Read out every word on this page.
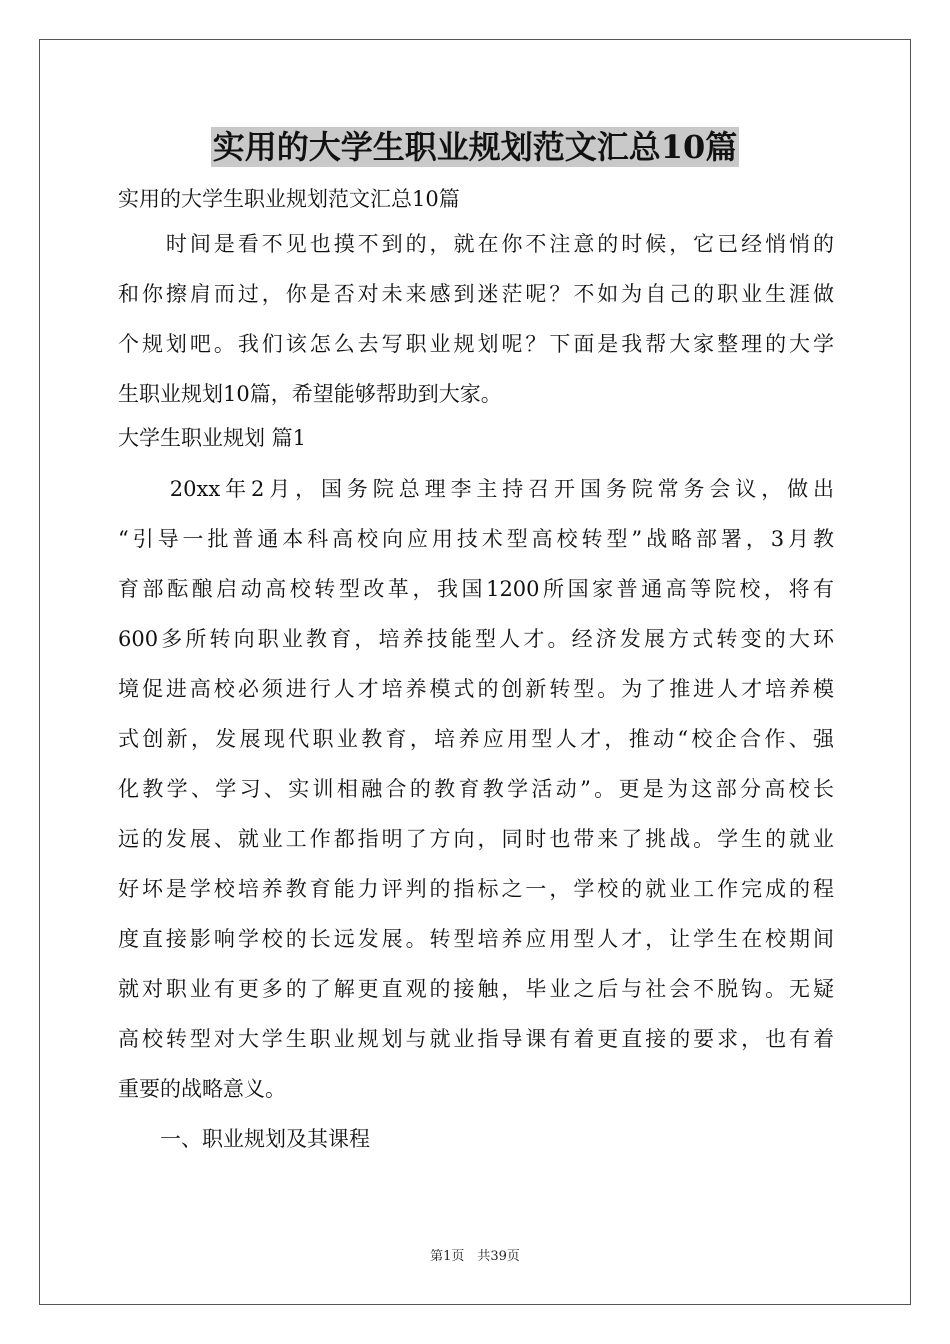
实用的大学生职业规划范文汇总10篇
实用的大学生职业规划范文汇总10篇
　　时间是看不见也摸不到的，就在你不注意的时候，它已经悄悄的
和你擦肩而过，你是否对未来感到迷茫呢？不如为自己的职业生涯做
个规划吧。我们该怎么去写职业规划呢？下面是我帮大家整理的大学
生职业规划10篇，希望能够帮助到大家。
大学生职业规划 篇1
　　20xx年2月，国务院总理李主持召开国务院常务会议，做出
“引导一批普通本科高校向应用技术型高校转型”战略部署，3月教
育部酝酿启动高校转型改革，我国1200所国家普通高等院校，将有
600多所转向职业教育，培养技能型人才。经济发展方式转变的大环
境促进高校必须进行人才培养模式的创新转型。为了推进人才培养模
式创新，发展现代职业教育，培养应用型人才，推动“校企合作、强
化教学、学习、实训相融合的教育教学活动”。更是为这部分高校长
远的发展、就业工作都指明了方向，同时也带来了挑战。学生的就业
好坏是学校培养教育能力评判的指标之一，学校的就业工作完成的程
度直接影响学校的长远发展。转型培养应用型人才，让学生在校期间
就对职业有更多的了解更直观的接触，毕业之后与社会不脱钩。无疑
高校转型对大学生职业规划与就业指导课有着更直接的要求，也有着
重要的战略意义。
　　一、职业规划及其课程
第1页　共39页
